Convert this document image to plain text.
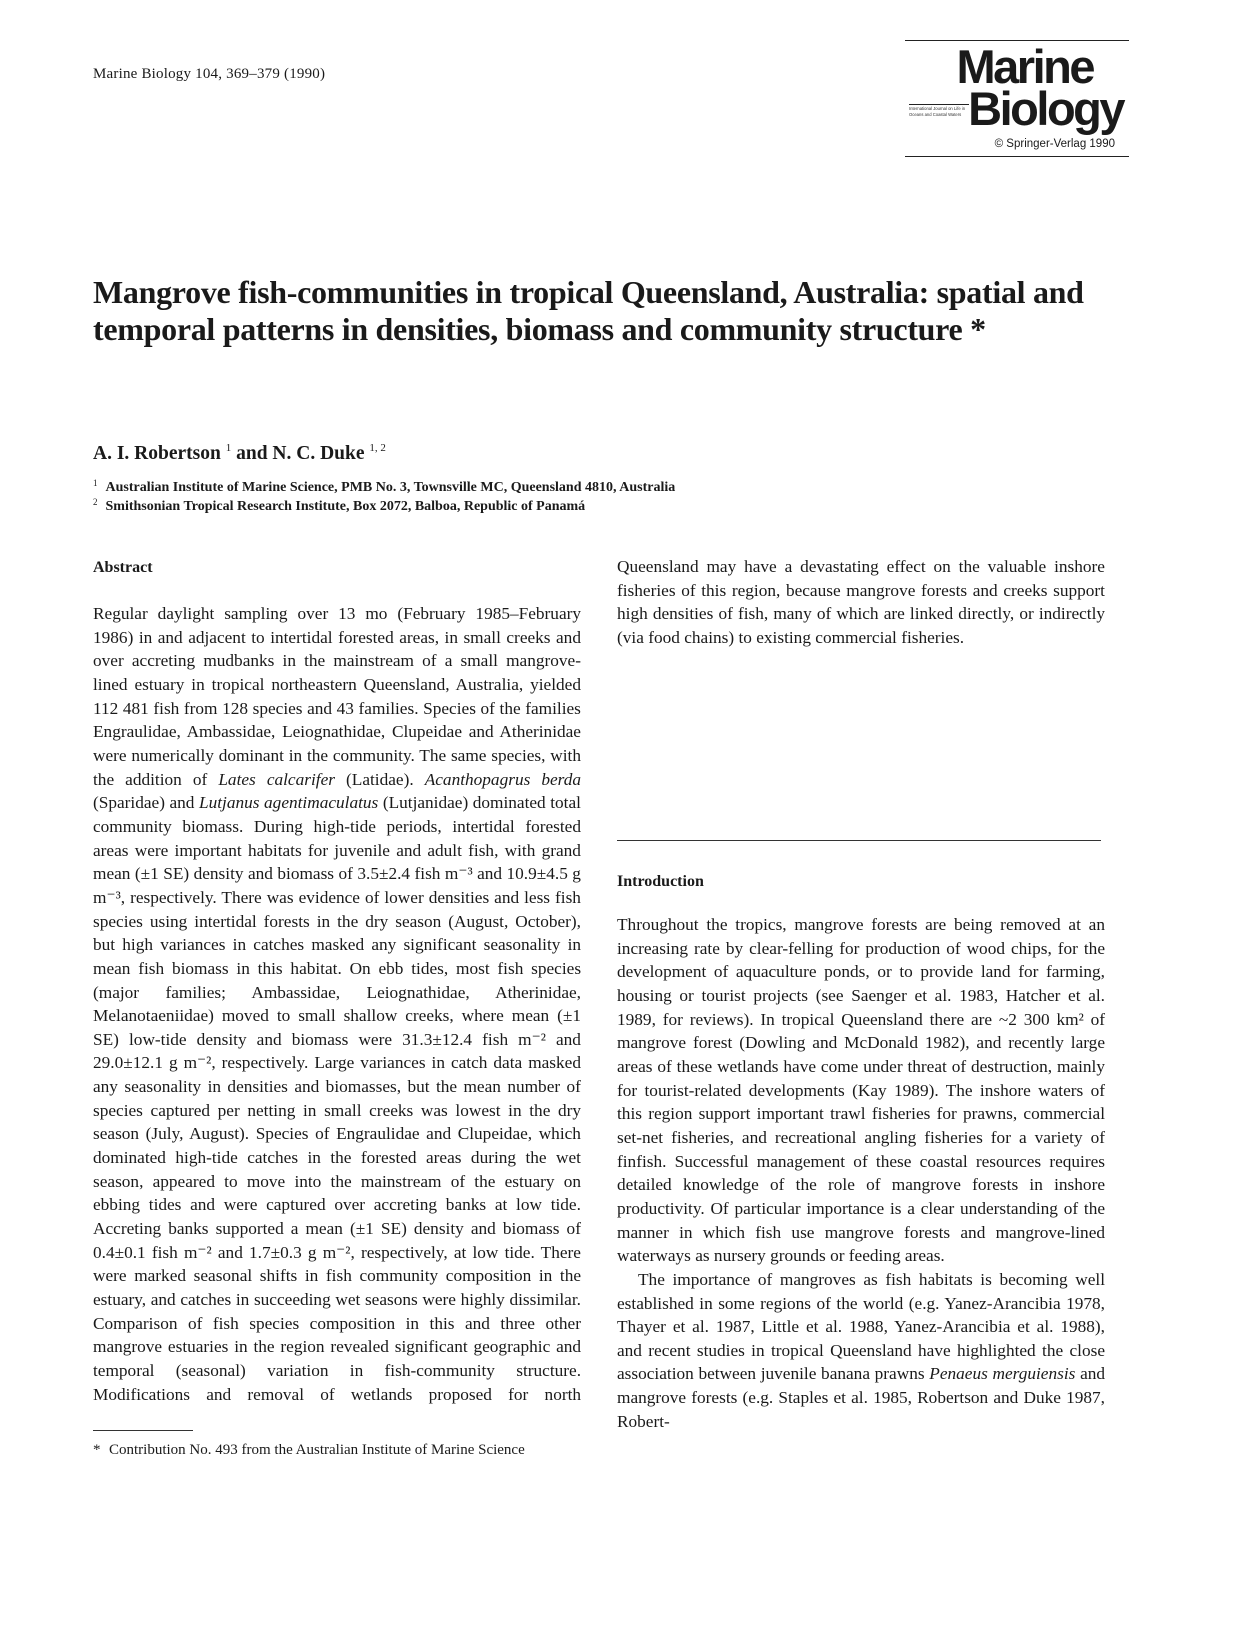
Marine Biology 104, 369–379 (1990)	Marine
International Journal on Life in Oceans and Coastal Waters Biology
© Springer-Verlag 1990
Mangrove fish-communities in tropical Queensland, Australia: spatial and temporal patterns in densities, biomass and community structure *
A. I. Robertson $^1$ and N. C. Duke $^{1, 2}$
$^1$ Australian Institute of Marine Science, PMB No. 3, Townsville MC, Queensland 4810, Australia
$^2$ Smithsonian Tropical Research Institute, Box 2072, Balboa, Republic of Panamá
Abstract

Regular daylight sampling over 13 mo (February 1985–February 1986) in and adjacent to intertidal forested areas, in small creeks and over accreting mudbanks in the mainstream of a small mangrove-lined estuary in tropical northeastern Queensland, Australia, yielded 112 481 fish from 128 species and 43 families. Species of the families Engraulidae, Ambassidae, Leiognathidae, Clupeidae and Atherinidae were numerically dominant in the community. The same species, with the addition of Lates calcarifer (Latidae). Acanthopagrus berda (Sparidae) and Lutjanus agentimaculatus (Lutjanidae) dominated total community biomass. During high-tide periods, intertidal forested areas were important habitats for juvenile and adult fish, with grand mean (±1 SE) density and biomass of 3.5±2.4 fish m⁻³ and 10.9±4.5 g m⁻³, respectively. There was evidence of lower densities and less fish species using intertidal forests in the dry season (August, October), but high variances in catches masked any significant seasonality in mean fish biomass in this habitat. On ebb tides, most fish species (major families; Ambassidae, Leiognathidae, Atherinidae, Melanotaeniidae) moved to small shallow creeks, where mean (±1 SE) low-tide density and biomass were 31.3±12.4 fish m⁻² and 29.0±12.1 g m⁻², respectively. Large variances in catch data masked any seasonality in densities and biomasses, but the mean number of species captured per netting in small creeks was lowest in the dry season (July, August). Species of Engraulidae and Clupeidae, which dominated high-tide catches in the forested areas during the wet season, appeared to move into the mainstream of the estuary on ebbing tides and were captured over accreting banks at low tide. Accreting banks supported a mean (±1 SE) density and biomass of 0.4±0.1 fish m⁻² and 1.7±0.3 g m⁻², respectively, at low tide. There were marked seasonal shifts in fish community composition in the estuary, and catches in succeeding wet seasons were highly dissimilar. Comparison of fish species composition in this and three other mangrove estuaries in the region revealed significant geographic and temporal (seasonal) variation in fish-community structure. Modifications and removal of wetlands proposed for north

Introduction

Throughout the tropics, mangrove forests are being removed at an increasing rate by clear-felling for production of wood chips, for the development of aquaculture ponds, or to provide land for farming, housing or tourist projects (see Saenger et al. 1983, Hatcher et al. 1989, for reviews). In tropical Queensland there are ~2 300 km² of mangrove forest (Dowling and McDonald 1982), and recently large areas of these wetlands have come under threat of destruction, mainly for tourist-related developments (Kay 1989). The inshore waters of this region support important trawl fisheries for prawns, commercial set-net fisheries, and recreational angling fisheries for a variety of finfish. Successful management of these coastal resources requires detailed knowledge of the role of mangrove forests in inshore productivity. Of particular importance is a clear understanding of the manner in which fish use mangrove forests and mangrove-lined waterways as nursery grounds or feeding areas.

The importance of mangroves as fish habitats is becoming well established in some regions of the world (e.g. Yanez-Arancibia 1978, Thayer et al. 1987, Little et al. 1988, Yanez-Arancibia et al. 1988), and recent studies in tropical Queensland have highlighted the close association between juvenile banana prawns Penaeus merguiensis and mangrove forests (e.g. Staples et al. 1985, Robertson and Duke 1987, Robert-

* Contribution No. 493 from the Australian Institute of Marine Science

Queensland may have a devastating effect on the valuable inshore fisheries of this region, because mangrove forests and creeks support high densities of fish, many of which are linked directly, or indirectly (via food chains) to existing commercial fisheries.
